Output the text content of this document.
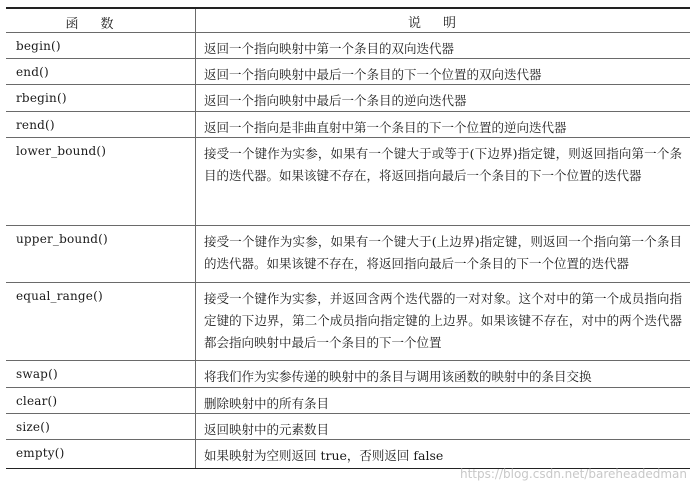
函数	说明
begin()	返回一个指向映射中第一个条目的双向迭代器
end()	返回一个指向映射中最后一个条目的下一个位置的双向迭代器
rbegin()	返回一个指向映射中最后一个条目的逆向迭代器
rend()	返回一个指向是非曲直射中第一个条目的下一个位置的逆向迭代器
lower_bound()	接受一个键作为实参，如果有一个键大于或等于(下边界)指定键，则返回指向第一个条目的迭代器。如果该键不存在，将返回指向最后一个条目的下一个位置的迭代器
upper_bound()	接受一个键作为实参，如果有一个键大于(上边界)指定键，则返回一个指向第一个条目的迭代器。如果该键不存在，将返回指向最后一个条目的下一个位置的迭代器
equal_range()	接受一个键作为实参，并返回含两个迭代器的一对对象。这个对中的第一个成员指向指定键的下边界，第二个成员指向指定键的上边界。如果该键不存在，对中的两个迭代器都会指向映射中最后一个条目的下一个位置
swap()	将我们作为实参传递的映射中的条目与调用该函数的映射中的条目交换
clear()	删除映射中的所有条目
size()	返回映射中的元素数目
empty()	如果映射为空则返回 true，否则返回 false
https://blog.csdn.net/bareheadedman
